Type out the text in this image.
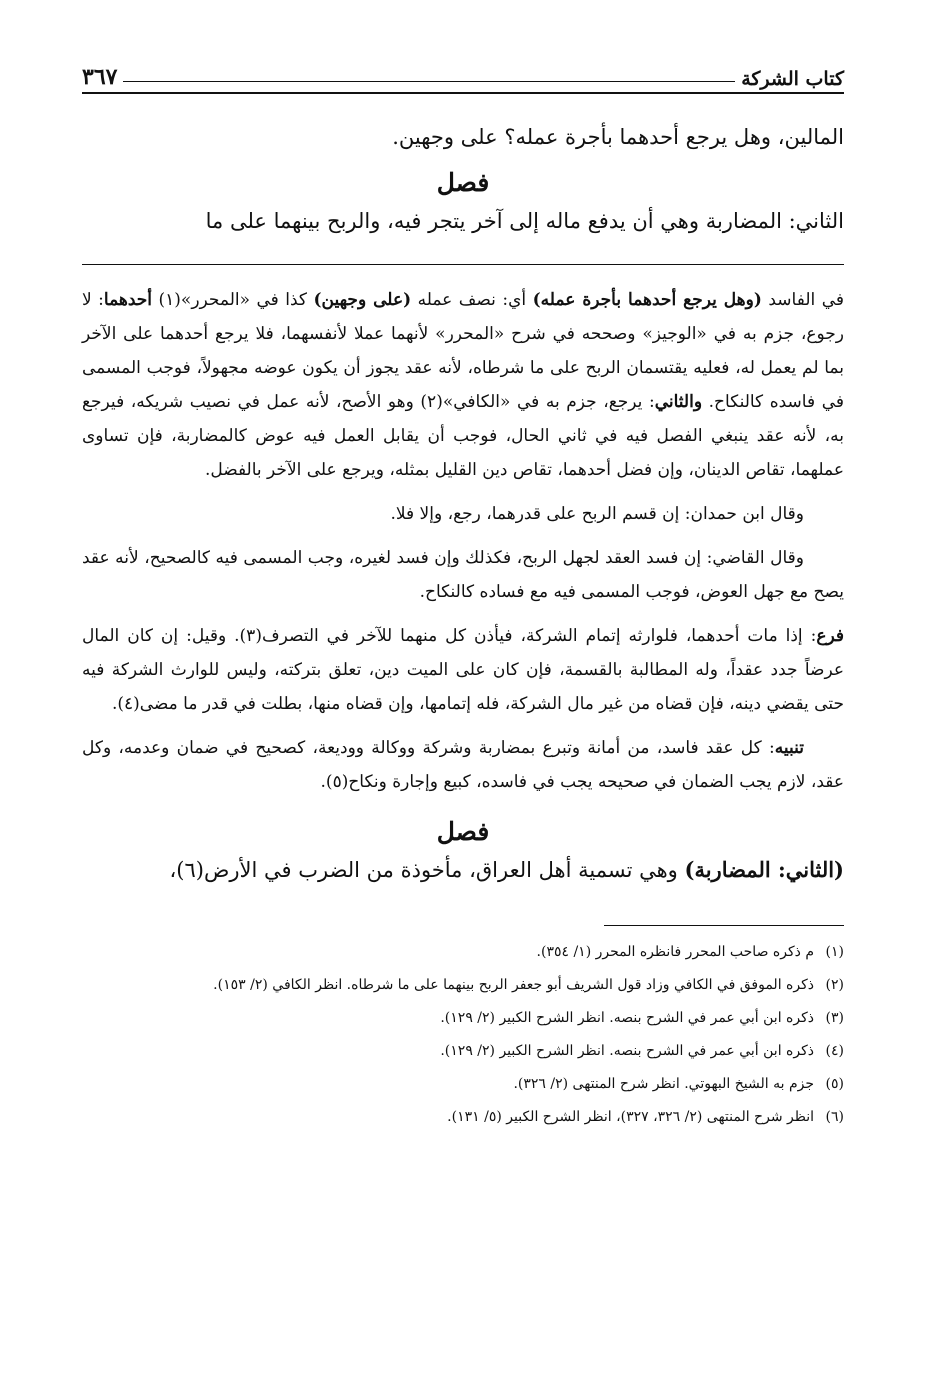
كتاب الشركة
٣٦٧

المالين، وهل يرجع أحدهما بأجرة عمله؟ على وجهين.

فصل

الثاني: المضاربة وهي أن يدفع ماله إلى آخر يتجر فيه، والربح بينهما على ما

في الفاسد (وهل يرجع أحدهما بأجرة عمله) أي: نصف عمله (على وجهين) كذا في «المحرر»(١) أحدهما: لا رجوع، جزم به في «الوجيز» وصححه في شرح «المحرر» لأنهما عملا لأنفسهما، فلا يرجع أحدهما على الآخر بما لم يعمل له، فعليه يقتسمان الربح على ما شرطاه، لأنه عقد يجوز أن يكون عوضه مجهولاً، فوجب المسمى في فاسده كالنكاح. والثاني: يرجع، جزم به في «الكافي»(٢) وهو الأصح، لأنه عمل في نصيب شريكه، فيرجع به، لأنه عقد ينبغي الفصل فيه في ثاني الحال، فوجب أن يقابل العمل فيه عوض كالمضاربة، فإن تساوى عملهما، تقاص الدينان، وإن فضل أحدهما، تقاص دين القليل بمثله، ويرجع على الآخر بالفضل.

وقال ابن حمدان: إن قسم الربح على قدرهما، رجع، وإلا فلا.

وقال القاضي: إن فسد العقد لجهل الربح، فكذلك وإن فسد لغيره، وجب المسمى فيه كالصحيح، لأنه عقد يصح مع جهل العوض، فوجب المسمى فيه مع فساده كالنكاح.

فرع: إذا مات أحدهما، فلوارثه إتمام الشركة، فيأذن كل منهما للآخر في التصرف(٣). وقيل: إن كان المال عرضاً جدد عقداً، وله المطالبة بالقسمة، فإن كان على الميت دين، تعلق بتركته، وليس للوارث الشركة فيه حتى يقضي دينه، فإن قضاه من غير مال الشركة، فله إتمامها، وإن قضاه منها، بطلت في قدر ما مضى(٤).

تنبيه: كل عقد فاسد، من أمانة وتبرع بمضاربة وشركة ووكالة ووديعة، كصحيح في ضمان وعدمه، وكل عقد، لازم يجب الضمان في صحيحه يجب في فاسده، كبيع وإجارة ونكاح(٥).

فصل

(الثاني: المضاربة) وهي تسمية أهل العراق، مأخوذة من الضرب في الأرض(٦)،

(١)م ذكره صاحب المحرر فانظره المحرر (١/ ٣٥٤).
(٢)ذكره الموفق في الكافي وزاد قول الشريف أبو جعفر الربح بينهما على ما شرطاه. انظر الكافي (٢/ ١٥٣).
(٣)ذكره ابن أبي عمر في الشرح بنصه. انظر الشرح الكبير (٢/ ١٢٩).
(٤)ذكره ابن أبي عمر في الشرح بنصه. انظر الشرح الكبير (٢/ ١٢٩).
(٥)جزم به الشيخ البهوتي. انظر شرح المنتهى (٢/ ٣٢٦).
(٦)انظر شرح المنتهى (٢/ ٣٢٦، ٣٢٧)، انظر الشرح الكبير (٥/ ١٣١).
